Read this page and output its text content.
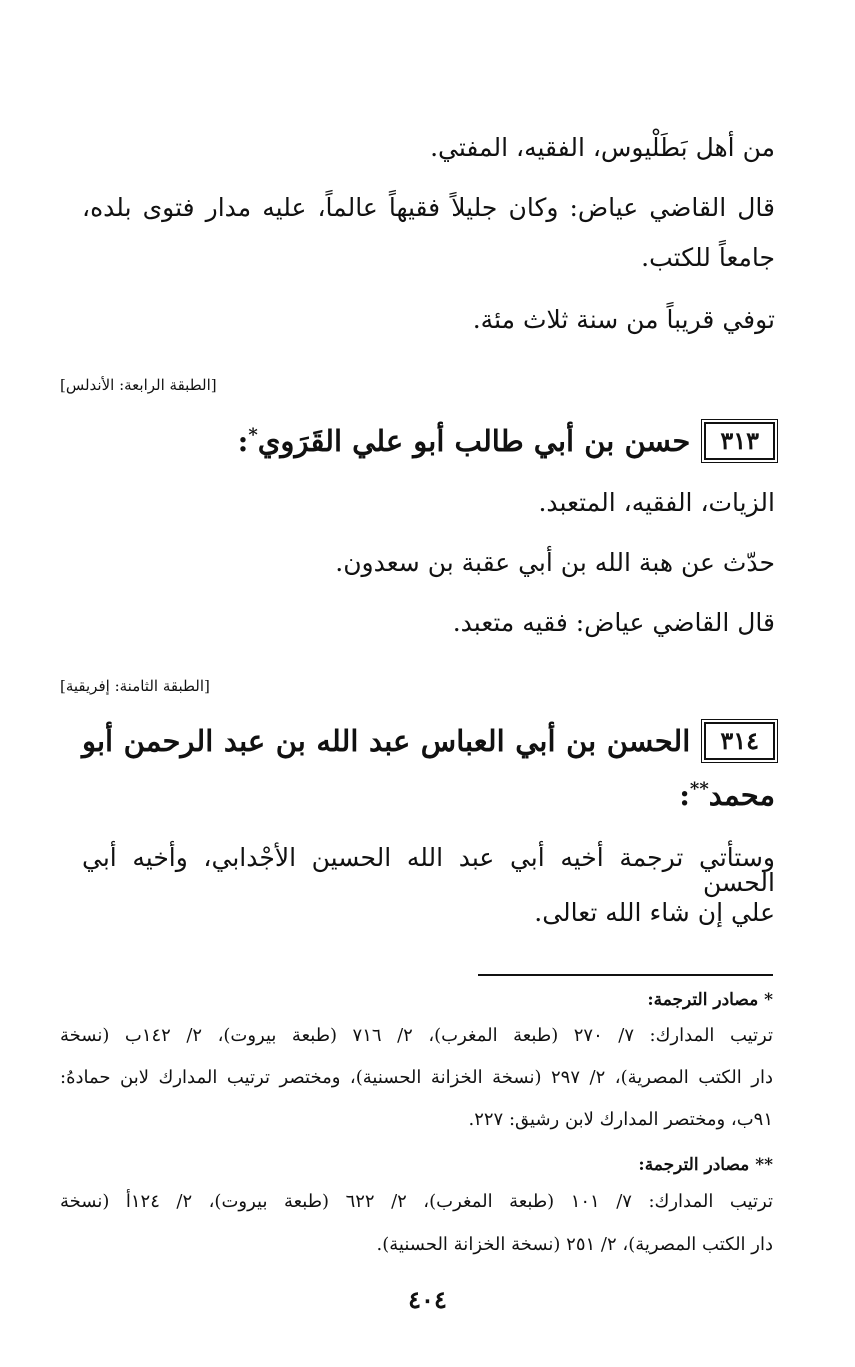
من أهل بَطَلْيوس، الفقيه، المفتي.
قال القاضي عياض: وكان جليلاً فقيهاً عالماً، عليه مدار فتوى بلده،
جامعاً للكتب.
توفي قريباً من سنة ثلاث مئة.
[الطبقة الرابعة: الأندلس]
٣١٣
حسن بن أبي طالب أبو علي القَرَوي*:
الزيات، الفقيه، المتعبد.
حدّث عن هبة الله بن أبي عقبة بن سعدون.
قال القاضي عياض: فقيه متعبد.
[الطبقة الثامنة: إفريقية]
٣١٤
الحسن بن أبي العباس عبد الله بن عبد الرحمن أبو
محمد**:
وستأتي ترجمة أخيه أبي عبد الله الحسين الأجْدابي، وأخيه أبي الحسن
علي إن شاء الله تعالى.
* مصادر الترجمة:
ترتيب المدارك: ٧/ ٢٧٠ (طبعة المغرب)، ٢/ ٧١٦ (طبعة بيروت)، ٢/ ١٤٢ب (نسخة
دار الكتب المصرية)، ٢/ ٢٩٧ (نسخة الخزانة الحسنية)، ومختصر ترتيب المدارك لابن حمادهُ:
٩١ب، ومختصر المدارك لابن رشيق: ٢٢٧.
** مصادر الترجمة:
ترتيب المدارك: ٧/ ١٠١ (طبعة المغرب)، ٢/ ٦٢٢ (طبعة بيروت)، ٢/ ١٢٤أ (نسخة
دار الكتب المصرية)، ٢/ ٢٥١ (نسخة الخزانة الحسنية).
٤٠٤
